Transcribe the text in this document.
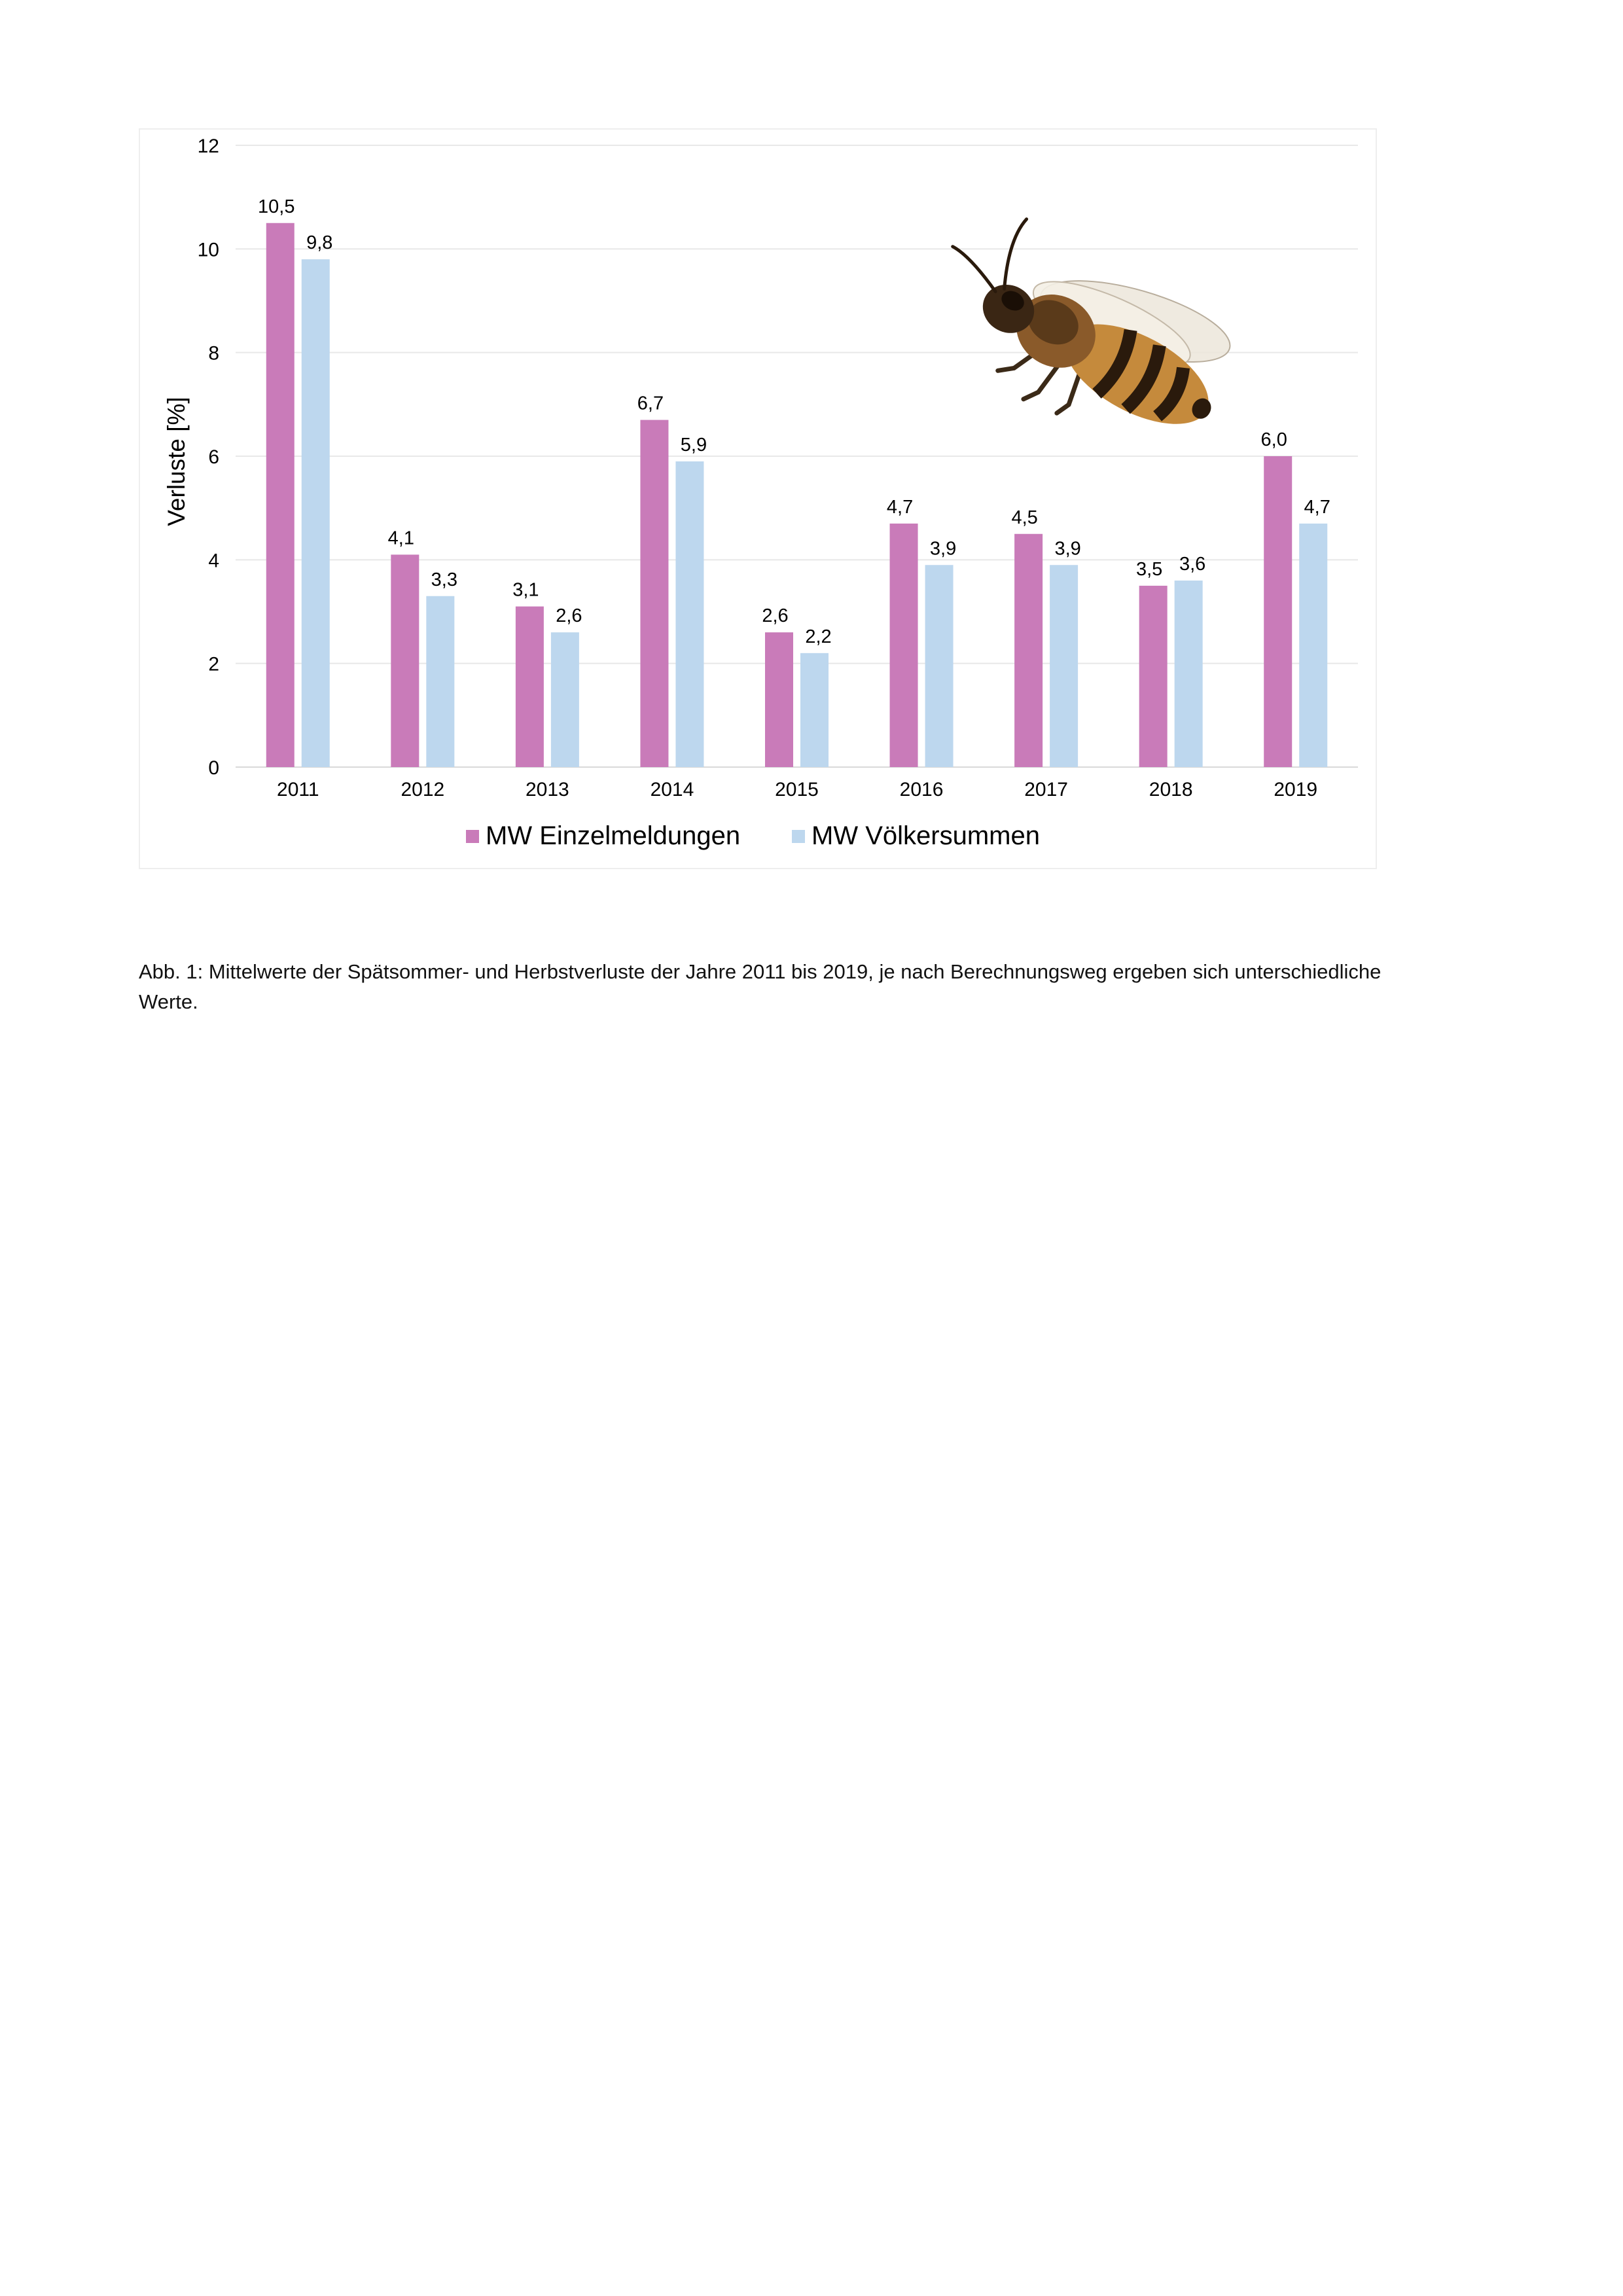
0
2
4
6
8
10
12
10,5
9,8
4,1
3,3	3,1
2,6
6,7
5,9
2,6
2,2
4,7
3,9
4,5
3,9
3,5 3,6
6,0
4,7
2011	2012	2013	2014	2015	2016	2017	2018	2019
Verluste [%]
MW Einzelmeldungen	MW Völkersummen

Abb. 1: Mittelwerte der Spätsommer- und Herbstverluste der Jahre 2011 bis 2019, je nach Berechnungsweg ergeben sich unterschiedliche Werte.
